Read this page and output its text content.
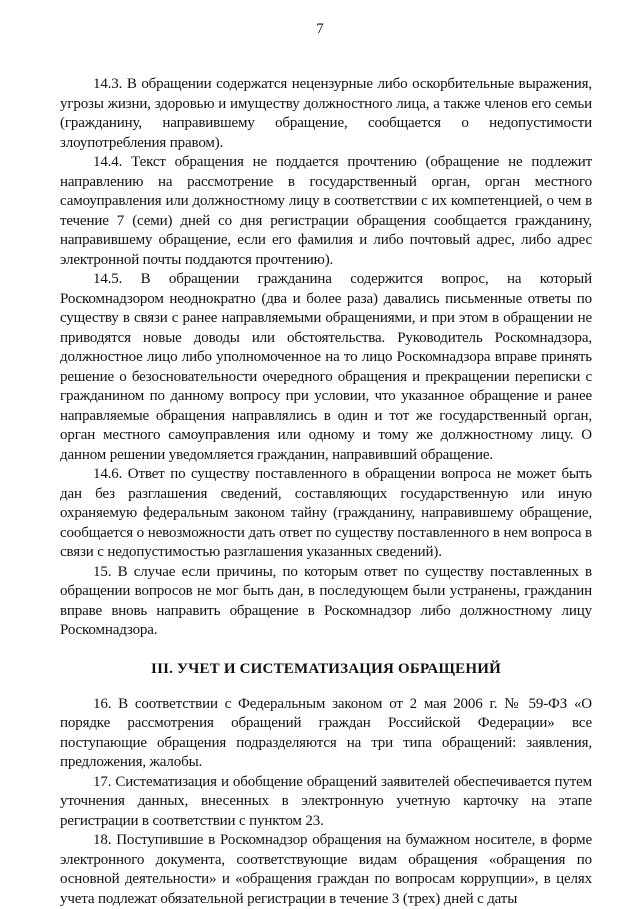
7

14.3. В обращении содержатся нецензурные либо оскорбительные выражения, угрозы жизни, здоровью и имуществу должностного лица, а также членов его семьи (гражданину, направившему обращение, сообщается о недопустимости злоупотребления правом).

14.4. Текст обращения не поддается прочтению (обращение не подлежит направлению на рассмотрение в государственный орган, орган местного самоуправления или должностному лицу в соответствии с их компетенцией, о чем в течение 7 (семи) дней со дня регистрации обращения сообщается гражданину, направившему обращение, если его фамилия и либо почтовый адрес, либо адрес электронной почты поддаются прочтению).

14.5. В обращении гражданина содержится вопрос, на который Роскомнадзором неоднократно (два и более раза) давались письменные ответы по существу в связи с ранее направляемыми обращениями, и при этом в обращении не приводятся новые доводы или обстоятельства. Руководитель Роскомнадзора, должностное лицо либо уполномоченное на то лицо Роскомнадзора вправе принять решение о безосновательности очередного обращения и прекращении переписки с гражданином по данному вопросу при условии, что указанное обращение и ранее направляемые обращения направлялись в один и тот же государственный орган, орган местного самоуправления или одному и тому же должностному лицу. О данном решении уведомляется гражданин, направивший обращение.

14.6. Ответ по существу поставленного в обращении вопроса не может быть дан без разглашения сведений, составляющих государственную или иную охраняемую федеральным законом тайну (гражданину, направившему обращение, сообщается о невозможности дать ответ по существу поставленного в нем вопроса в связи с недопустимостью разглашения указанных сведений).

15. В случае если причины, по которым ответ по существу поставленных в обращении вопросов не мог быть дан, в последующем были устранены, гражданин вправе вновь направить обращение в Роскомнадзор либо должностному лицу Роскомнадзора.

III. УЧЕТ И СИСТЕМАТИЗАЦИЯ ОБРАЩЕНИЙ

16. В соответствии с Федеральным законом от 2 мая 2006 г. № 59-ФЗ «О порядке рассмотрения обращений граждан Российской Федерации» все поступающие обращения подразделяются на три типа обращений: заявления, предложения, жалобы.

17. Систематизация и обобщение обращений заявителей обеспечивается путем уточнения данных, внесенных в электронную учетную карточку на этапе регистрации в соответствии с пунктом 23.

18. Поступившие в Роскомнадзор обращения на бумажном носителе, в форме электронного документа, соответствующие видам обращения «обращения по основной деятельности» и «обращения граждан по вопросам коррупции», в целях учета подлежат обязательной регистрации в течение 3 (трех) дней с даты
